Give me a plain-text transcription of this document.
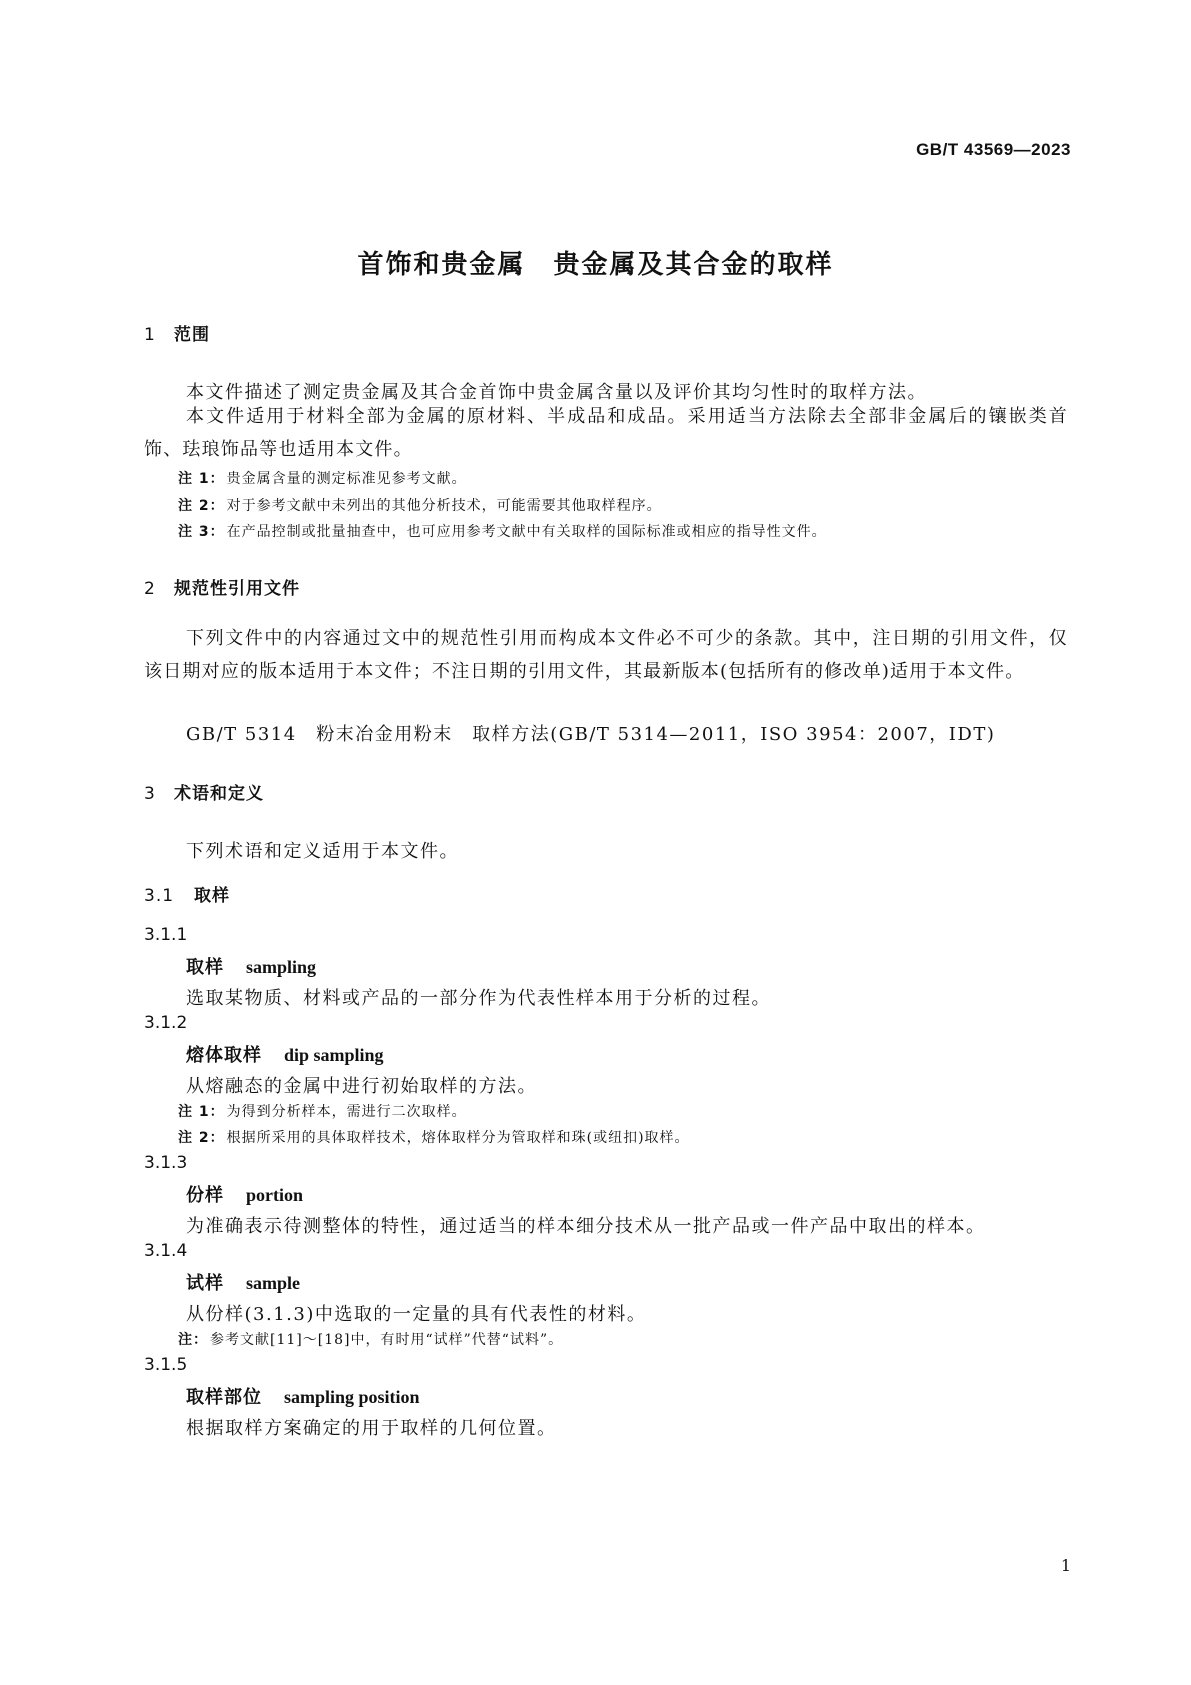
GB/T 43569—2023
首饰和贵金属　贵金属及其合金的取样
1 范围
本文件描述了测定贵金属及其合金首饰中贵金属含量以及评价其均匀性时的取样方法。
本文件适用于材料全部为金属的原材料、半成品和成品。采用适当方法除去全部非金属后的镶嵌类首饰、珐琅饰品等也适用本文件。
注 1： 贵金属含量的测定标准见参考文献。
注 2： 对于参考文献中未列出的其他分析技术，可能需要其他取样程序。
注 3： 在产品控制或批量抽查中，也可应用参考文献中有关取样的国际标准或相应的指导性文件。
2 规范性引用文件
下列文件中的内容通过文中的规范性引用而构成本文件必不可少的条款。其中，注日期的引用文件，仅该日期对应的版本适用于本文件；不注日期的引用文件，其最新版本(包括所有的修改单)适用于本文件。
GB/T 5314　粉末冶金用粉末　取样方法(GB/T 5314—2011，ISO 3954：2007，IDT)
3 术语和定义
下列术语和定义适用于本文件。
3.1 取样
3.1.1
取样 sampling
选取某物质、材料或产品的一部分作为代表性样本用于分析的过程。
3.1.2
熔体取样 dip sampling
从熔融态的金属中进行初始取样的方法。
注 1： 为得到分析样本，需进行二次取样。
注 2： 根据所采用的具体取样技术，熔体取样分为管取样和珠(或纽扣)取样。
3.1.3
份样 portion
为准确表示待测整体的特性，通过适当的样本细分技术从一批产品或一件产品中取出的样本。
3.1.4
试样 sample
从份样(3.1.3)中选取的一定量的具有代表性的材料。
注： 参考文献[11]～[18]中，有时用“试样”代替“试料”。
3.1.5
取样部位 sampling position
根据取样方案确定的用于取样的几何位置。
1
